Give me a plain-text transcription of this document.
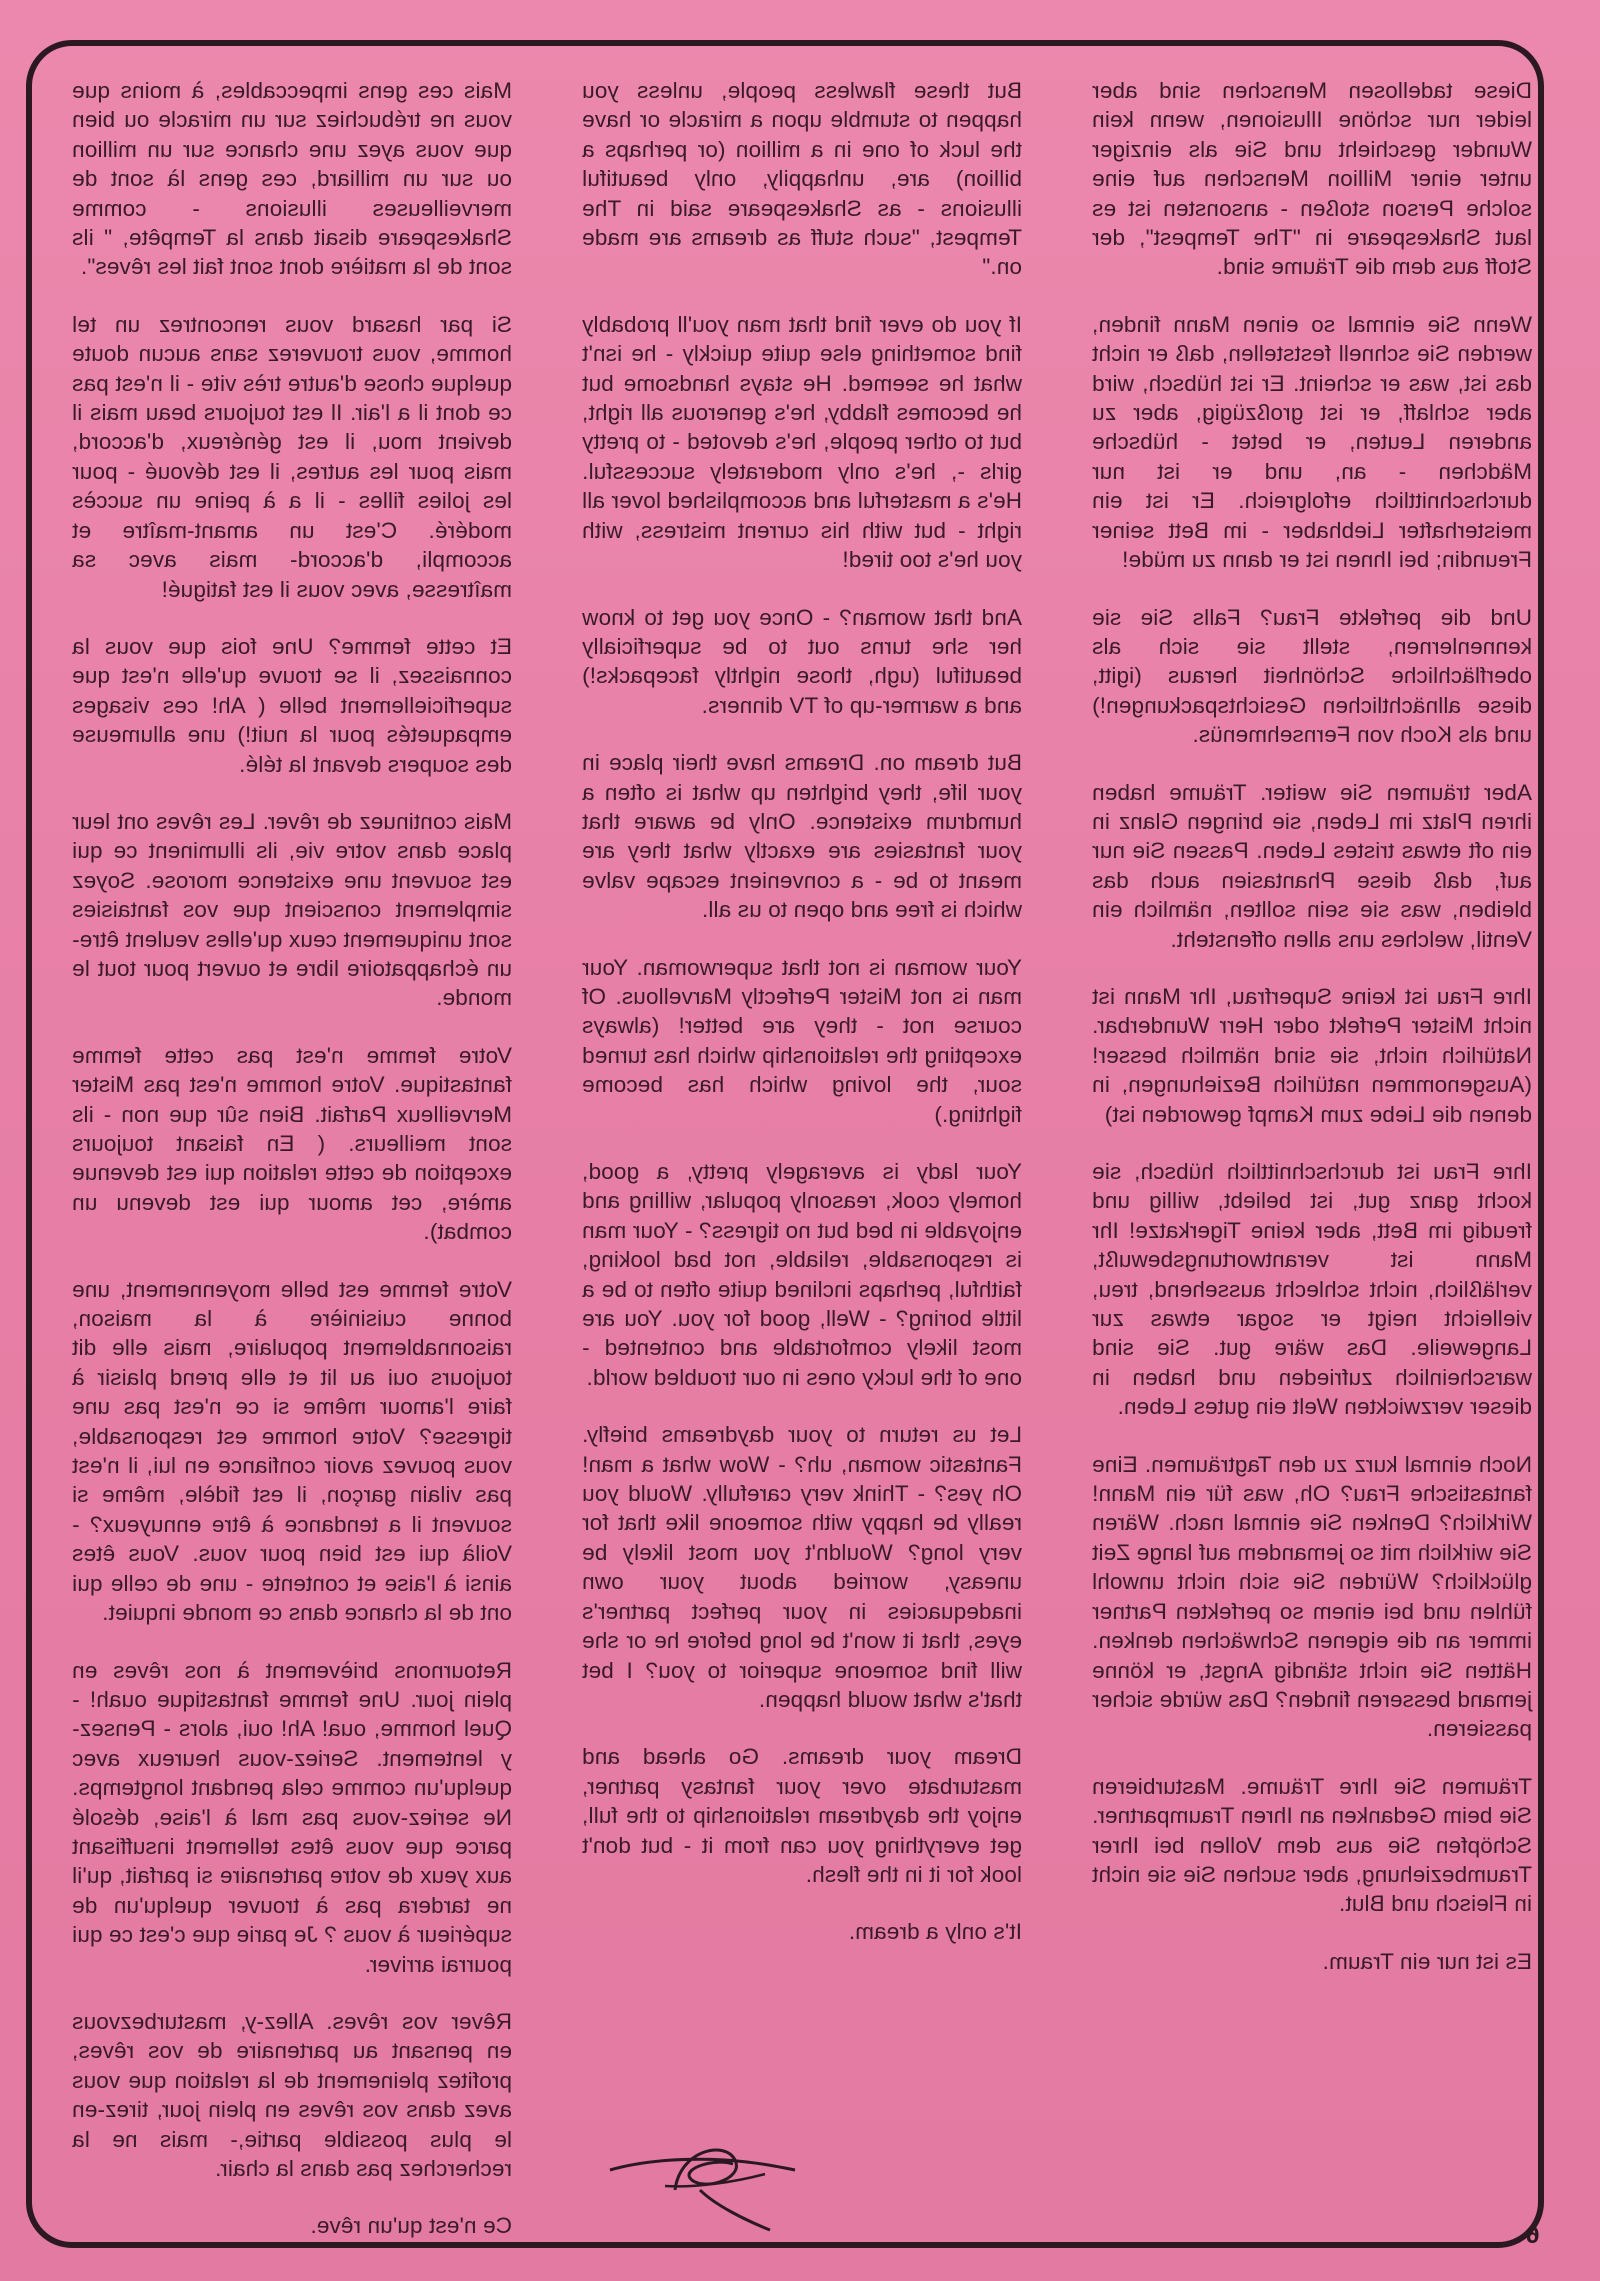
Diese tadellosen Menschen sind aber leider nur schöne Illusionen, wenn kein Wunder geschieht und Sie als einziger unter einer Million Menschen auf eine solche Person stoßen - ansonsten ist es laut Shakespeare in "The Tempest", der Stoff aus dem die Träume sind.

Wenn Sie einmal so einen Mann finden, werden Sie schnell feststellen, daß er nicht das ist, was er scheint. Er ist hübsch, wird aber schlaff, er ist großzügig, aber zu anderen Leuten, er betet - hübsche Mädchen - an, und er ist nur durchschnittlich erfolgreich. Er ist ein meisterhafter Liebhaber - im Bett seiner Freundin; bei Ihnen ist er dann zu müde!

Und die perfekte Frau? Falls Sie sie kennenlernen, stellt sie sich als oberflächliche Schönheit heraus (igitt, diese allnächtlichen Gesichtspackungen!) und als Koch von Fernsehmenüs.

Aber träumen Sie weiter. Träume haben ihren Platz im Leben, sie bringen Glanz in ein oft etwas tristes Leben. Passen Sie nur auf, daß diese Phantasien auch das bleiben, was sie sein sollten, nämlich ein Ventil, welches uns allen offensteht.

Ihre Frau ist keine Superfrau, Ihr Mann ist nicht Mister Perfekt oder Herr Wunderbar. Natürlich nicht, sie sind nämlich besser! (Ausgenommen natürlich Beziehungen, in denen die Liebe zum Kampf geworden ist)

Ihre Frau ist durchschnittlich hübsch, sie kocht ganz gut, ist beliebt, willig und freudig im Bett, aber keine Tigerkatze! Ihr Mann ist verantwortungsbewußt, verläßlich, nicht schlecht aussehend, treu, vielleicht neigt er sogar etwas zur Langeweile. Das wäre gut. Sie sind warscheinlich zufrieden und haben in dieser verzwickten Welt ein gutes Leben.

Noch einmal kurz zu den Tagträumen. Eine fantastische Frau? Oh, was für ein Mann! Wirklich? Denken Sie einmal nach. Wären Sie wirklich mit so jemandem auf lange Zeit glücklich? Würden Sie sich nicht unwohl fühlen und bei einem so perfekten Partner immer an die eigenen Schwächen denken. Hätten Sie nicht ständig Angst, er könne jemand besseren finden? Das würde sicher passieren.

Träumen Sie Ihre Träume. Masturbieren Sie beim Gedanken an Ihren Traumpartner. Schöpfen Sie aus dem Vollen bei Ihrer Traumbeziehung, aber suchen Sie sie nicht in Fleisch und Blut.

Es ist nur ein Traum.

But these flawless people, unless you happen to stumble upon a miracle or have the luck of one in a million (or perhaps a billion) are, unhappily, only beautiful illusions - as Shakespeare said in The Tempest, "such stuff as dreams are made on."

If you do ever find that man you'll probably find something else quite quickly - he isn't what he seemed. He stays handsome but he becomes flabby, he's generous all right, but to other people, he's devoted - to pretty girls -, he's only moderately successful. He's a masterful and accomplished lover all right - but with his current mistress, with you he's too tired!

And that woman? - Once you get to know her she turns out to be superficially beautiful (ugh, those nightly facepacks!) and a warmer-up of TV dinners.

But dream on. Dreams have their place in your life, they brighten up what is often a humdrum existence. Only be aware that your fantasies are exactly what they are meant to be - a convenient escape valve which is free and open to us all.

Your woman is not that superwoman. Your man is not Mister Perfectly Marvellous. Of course not - they are better! (always excepting the relationship which has turned sour, the loving which has become fighting.)

Your lady is averagely pretty, a good, homely cook, reasonly popular, willing and enjoyable in bed but no tigress? - Your man is responsable, reliable, not bad looking, faithful, perhaps inclined quite often to be a little boring? - Well, good for you. You are most likely comfortable and contented - one of the lucky ones in our troubled world.

Let us return to your daydreams briefly. Fantastic woman, uh? - Wow what a man! Oh yes? - Think very carefully. Would you really be happy with someone like that for very long? Wouldn't you most likely be uneasy, worried about your own inadequacies in your perfect partner's eyes, that it won't be long before he or she will find someone superior to you? I bet that's what would happen.

Dream your dreams. Go ahead and masturbate over your fantasy partner, enjoy the daydream relationship to the full, get everything you can from it - but don't look for it in the flesh.

It's only a dream.

Mais ces gens impeccables, à moins que vous ne trébuchiez sur un miracle ou bien que vous ayez une chance sur un million ou sur un milliard, ces gens là sont de merveilleuses illusions - comme Shakespeare disait dans la Tempête, " ils sont de la matière dont sont fait les rêves".

Si par hasard vous rencontrez un tel homme, vous trouverez sans aucun doute quelque chose d'autre très vite - il n'est pas ce dont il a l'air. Il est toujours beau mais il devient mou, il est généreux, d'accord, mais pour les autres, il est dévoué - pour les jolies filles - il a à peine un succès modéré. C'est un amant-maître et accompli, d'accord- mais avec sa maîtresse, avec vous il est fatigué!

Et cette femme? Une fois que vous la connaissez, il se trouve qu'elle n'est que superficiellement belle ( Ah! ces visages empaquetés pour la nuit!) une allumeuse des soupers devant la télé.

Mais continuez de rêver. Les rêves ont leur place dans votre vie, ils illuminent ce qui est souvent une existence morose. Soyez simplement conscient que vos fantaisies sont uniquement ceux qu'elles veulent être- un échappatoire libre et ouvert pour tout le monde.

Votre femme n'est pas cette femme fantastique. Votre homme n'est pas Mister Merveilleux Parfait. Bien sûr que non - ils sont meilleurs. ( En faisant toujours exception de cette relation qui est devenue amère, cet amour qui est devenu un combat).

Votre femme est belle moyennement, une bonne cuisinière à la maison, raisonnablement populaire, mais elle dit toujours oui au lit et elle prend plaisir à faire l'amour même si ce n'est pas une tigresse? Votre homme est responsable, vous pouvez avoir confiance en lui, il n'est pas vilain garçon, il est fidèle, même si souvent il a tendance à être ennuyeux? - Voilà qui est bien pour vous. Vous êtes ainsi à l'aise et contente - une de celle qui ont de la chance dans ce monde inquiet.

Retournons brièvement à nos rêves en plein jour. Une femme fantastique ouah! - Quel homme, oua! Ah! oui, alors - Pensez-y lentement. Seriez-vous heureux avec quelqu'un comme cela pendant longtemps. Ne seriez-vous pas mal à l'aise, désolé parce que vous êtes tellement insuffisant aux yeux de votre partenaire si parfait, qu'il ne tardera pas à trouver quelqu'un de supérieur à vous ? Je parie que c'est ce qui pourrai arriver.

Rêver vos rêves. Allez-y, masturbezvous en pensant au partenaire de vos rêves, profitez pleinement de la relation que vous avez dans vos rêves en plein jour, tirez-en le plus possible partie,- mais ne la recherchez pas dans la chair.

Ce n'est qu'un rêve.	6
